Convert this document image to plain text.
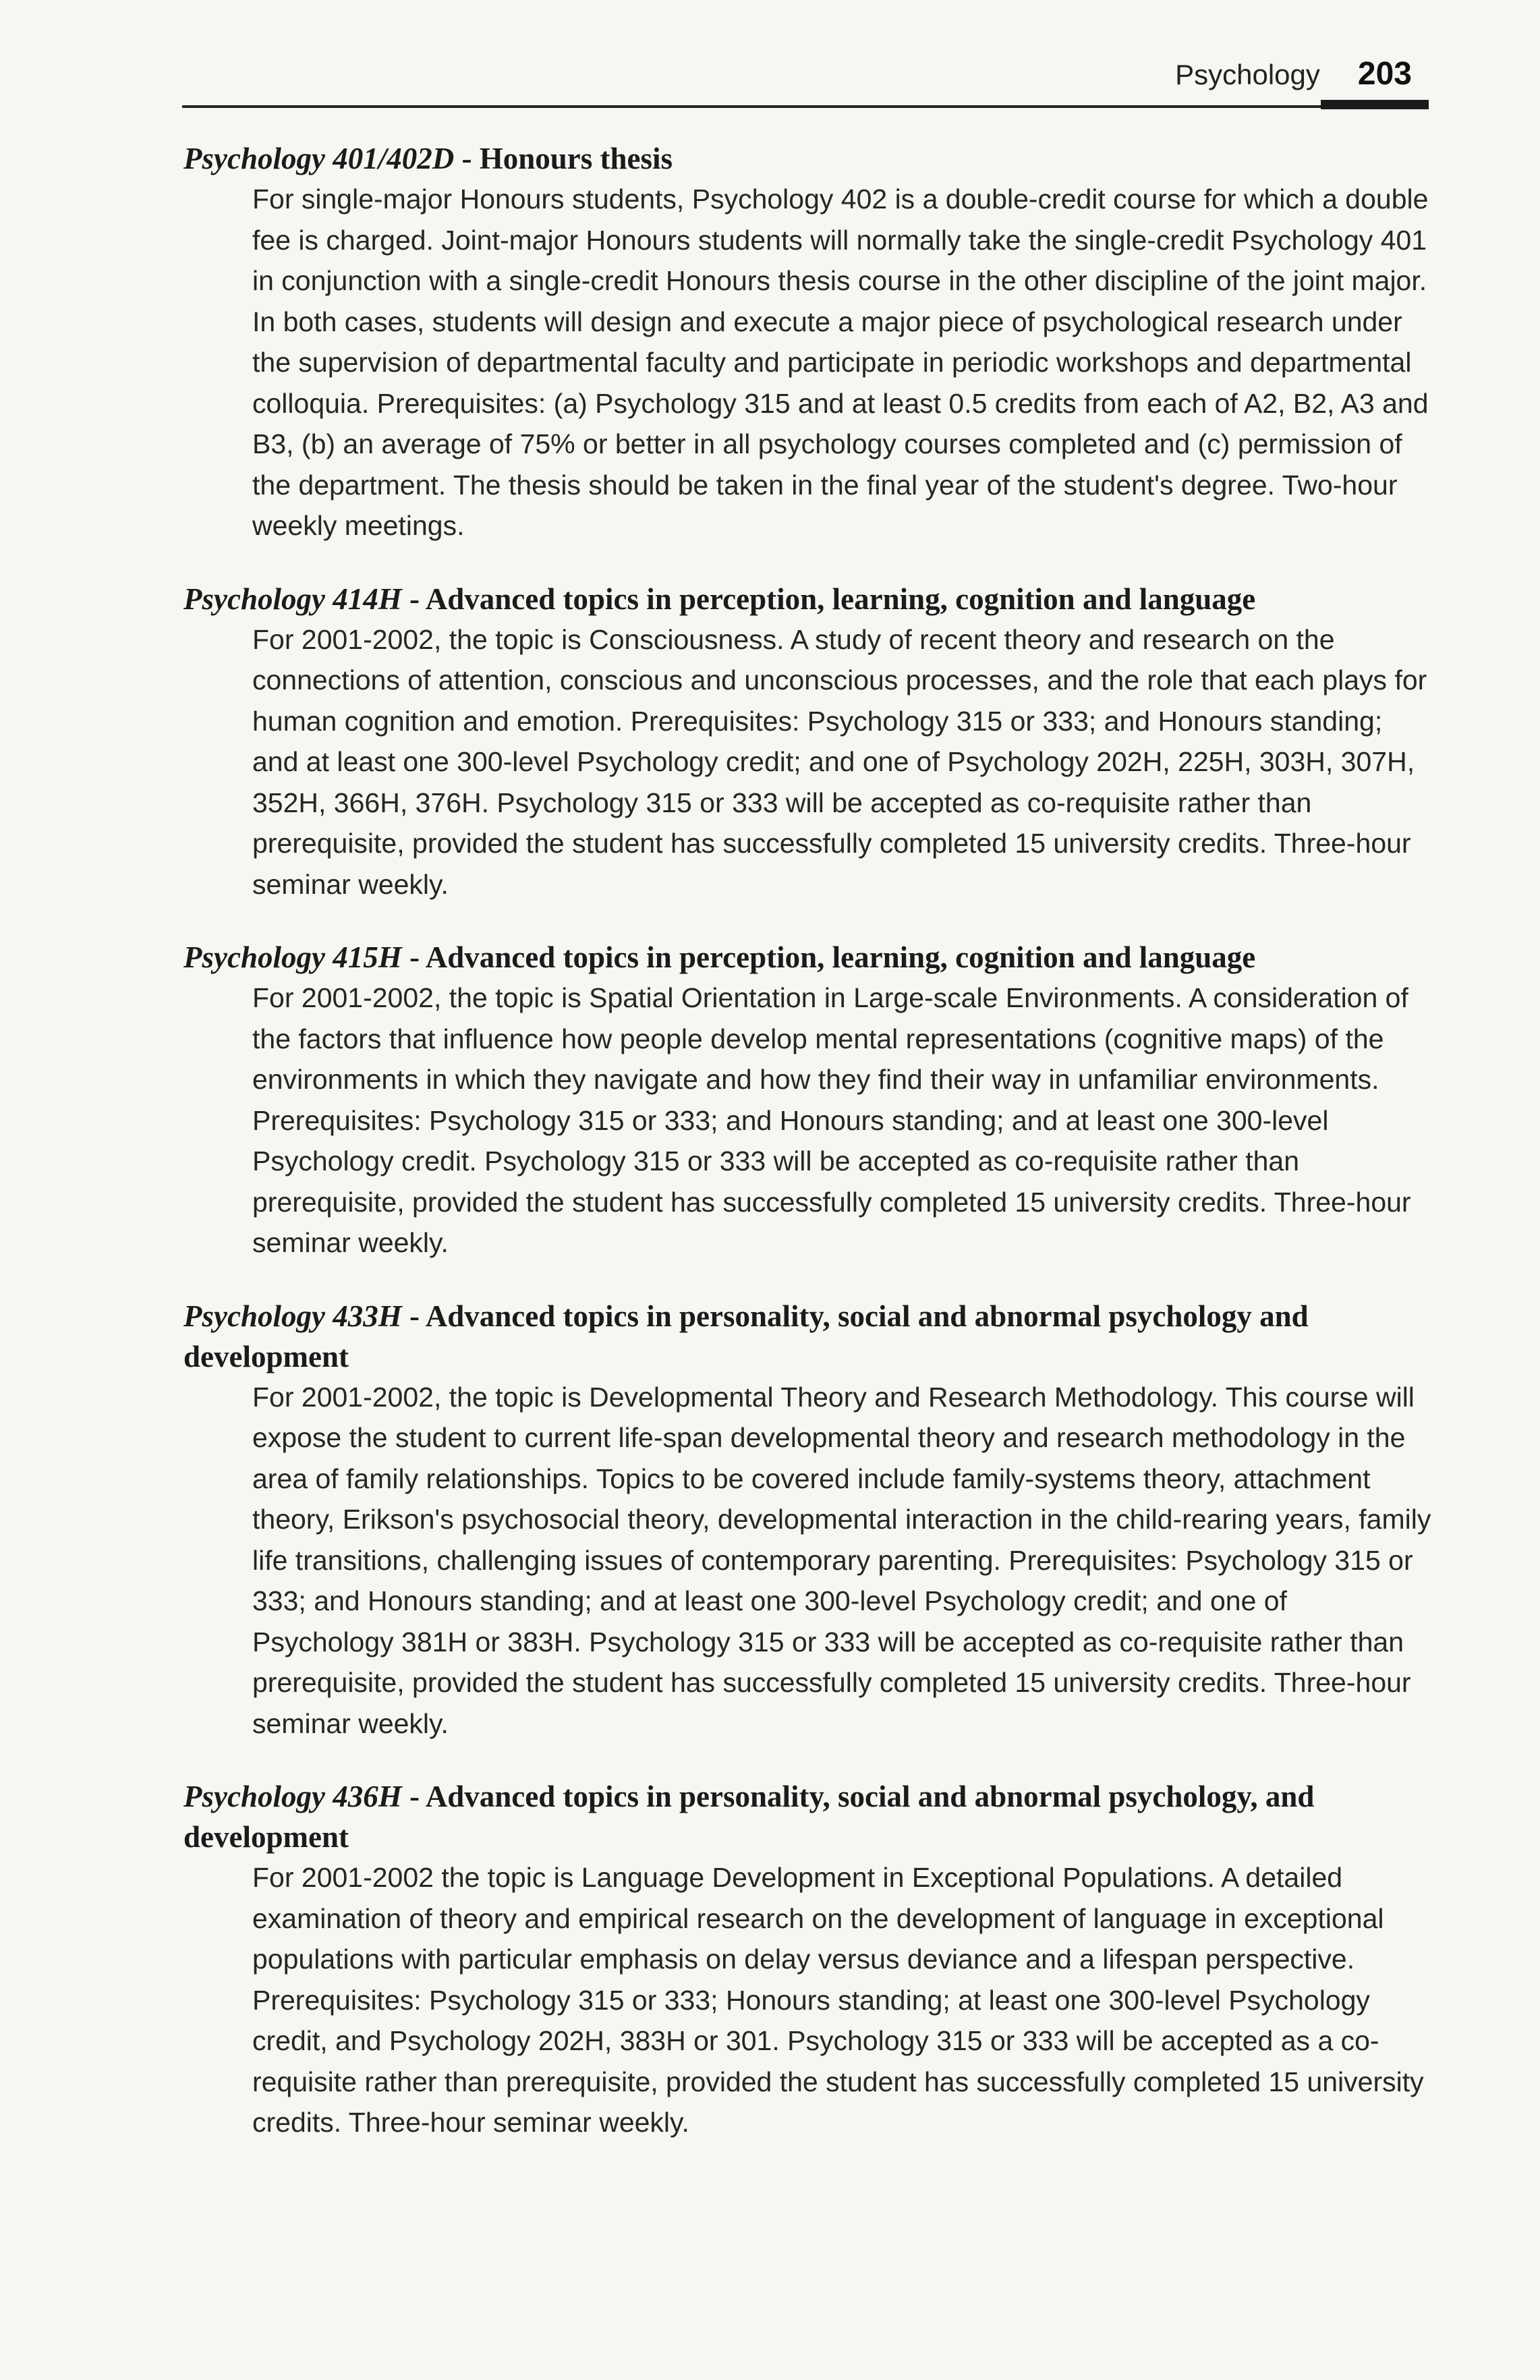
Psychology 203

Psychology 401/402D - Honours thesis

For single-major Honours students, Psychology 402 is a double-credit course for which a double fee is charged. Joint-major Honours students will normally take the single-credit Psychology 401 in conjunction with a single-credit Honours thesis course in the other discipline of the joint major. In both cases, students will design and execute a major piece of psychological research under the supervision of departmental faculty and participate in periodic workshops and departmental colloquia. Prerequisites: (a) Psychology 315 and at least 0.5 credits from each of A2, B2, A3 and B3, (b) an average of 75% or better in all psychology courses completed and (c) permission of the department. The thesis should be taken in the final year of the student's degree. Two-hour weekly meetings.

Psychology 414H - Advanced topics in perception, learning, cognition and language

For 2001-2002, the topic is Consciousness. A study of recent theory and research on the connections of attention, conscious and unconscious processes, and the role that each plays for human cognition and emotion. Prerequisites: Psychology 315 or 333; and Honours standing; and at least one 300-level Psychology credit; and one of Psychology 202H, 225H, 303H, 307H, 352H, 366H, 376H. Psychology 315 or 333 will be accepted as co-requisite rather than prerequisite, provided the student has successfully completed 15 university credits. Three-hour seminar weekly.

Psychology 415H - Advanced topics in perception, learning, cognition and language

For 2001-2002, the topic is Spatial Orientation in Large-scale Environments. A consideration of the factors that influence how people develop mental representations (cognitive maps) of the environments in which they navigate and how they find their way in unfamiliar environments. Prerequisites: Psychology 315 or 333; and Honours standing; and at least one 300-level Psychology credit. Psychology 315 or 333 will be accepted as co-requisite rather than prerequisite, provided the student has successfully completed 15 university credits. Three-hour seminar weekly.

Psychology 433H - Advanced topics in personality, social and abnormal psychology and development

For 2001-2002, the topic is Developmental Theory and Research Methodology. This course will expose the student to current life-span developmental theory and research methodology in the area of family relationships. Topics to be covered include family-systems theory, attachment theory, Erikson's psychosocial theory, developmental interaction in the child-rearing years, family life transitions, challenging issues of contemporary parenting. Prerequisites: Psychology 315 or 333; and Honours standing; and at least one 300-level Psychology credit; and one of Psychology 381H or 383H. Psychology 315 or 333 will be accepted as co-requisite rather than prerequisite, provided the student has successfully completed 15 university credits. Three-hour seminar weekly.

Psychology 436H - Advanced topics in personality, social and abnormal psychology, and development

For 2001-2002 the topic is Language Development in Exceptional Populations. A detailed examination of theory and empirical research on the development of language in exceptional populations with particular emphasis on delay versus deviance and a lifespan perspective. Prerequisites: Psychology 315 or 333; Honours standing; at least one 300-level Psychology credit, and Psychology 202H, 383H or 301. Psychology 315 or 333 will be accepted as a co-requisite rather than prerequisite, provided the student has successfully completed 15 university credits. Three-hour seminar weekly.
